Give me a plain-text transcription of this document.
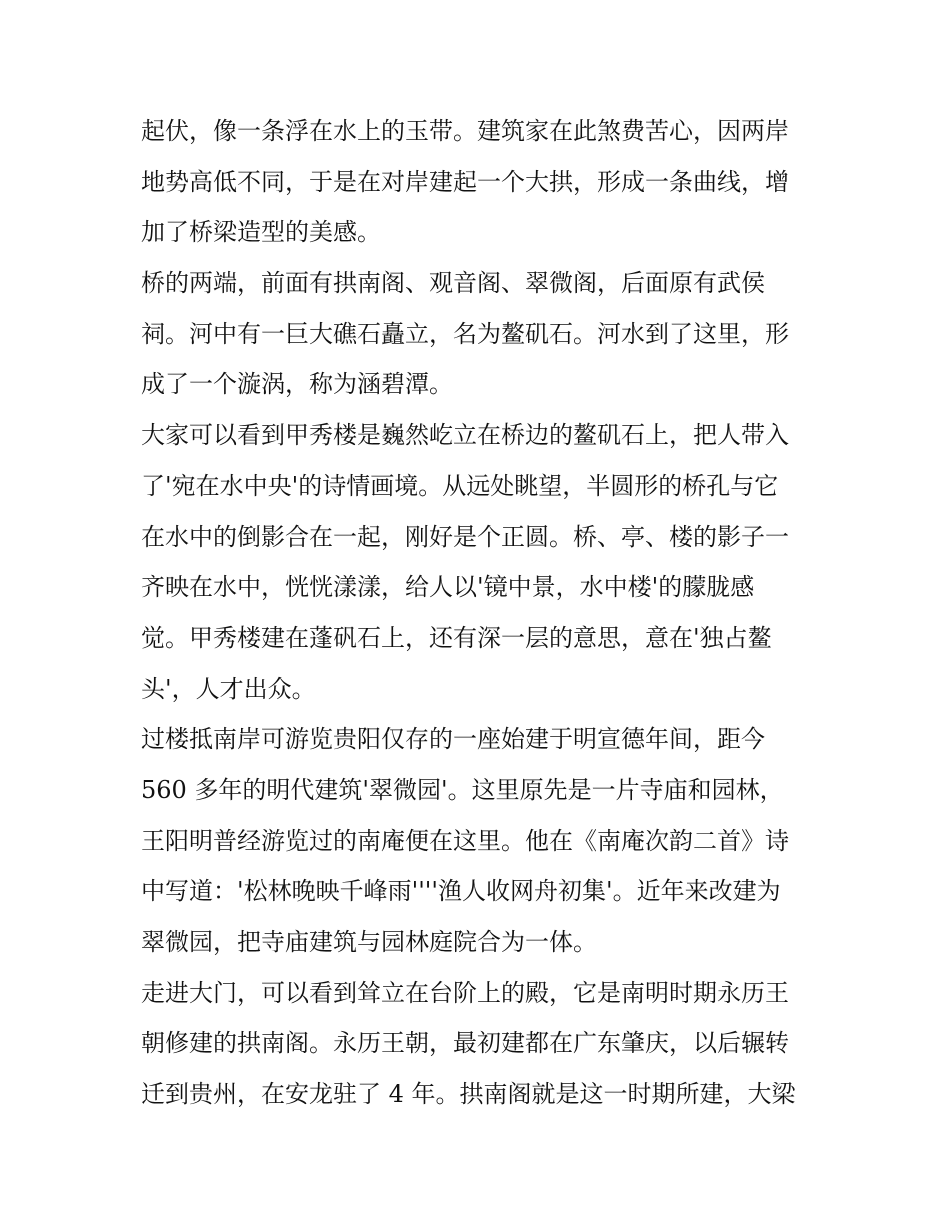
起伏，像一条浮在水上的玉带。建筑家在此煞费苦心，因两岸
地势高低不同，于是在对岸建起一个大拱，形成一条曲线，增
加了桥梁造型的美感。
桥的两端，前面有拱南阁、观音阁、翠微阁，后面原有武侯
祠。河中有一巨大礁石矗立，名为鳌矶石。河水到了这里，形
成了一个漩涡，称为涵碧潭。
大家可以看到甲秀楼是巍然屹立在桥边的鳌矶石上，把人带入
了'宛在水中央'的诗情画境。从远处眺望，半圆形的桥孔与它
在水中的倒影合在一起，刚好是个正圆。桥、亭、楼的影子一
齐映在水中，恍恍漾漾，给人以'镜中景，水中楼'的朦胧感
觉。甲秀楼建在蓬矾石上，还有深一层的意思，意在'独占鳌
头'，人才出众。
过楼抵南岸可游览贵阳仅存的一座始建于明宣德年间，距今
560 多年的明代建筑'翠微园'。这里原先是一片寺庙和园林，
王阳明普经游览过的南庵便在这里。他在《南庵次韵二首》诗
中写道：'松林晚映千峰雨''''渔人收网舟初集'。近年来改建为
翠微园，把寺庙建筑与园林庭院合为一体。
走进大门，可以看到耸立在台阶上的殿，它是南明时期永历王
朝修建的拱南阁。永历王朝，最初建都在广东肇庆，以后辗转
迁到贵州，在安龙驻了 4 年。拱南阁就是这一时期所建，大梁
